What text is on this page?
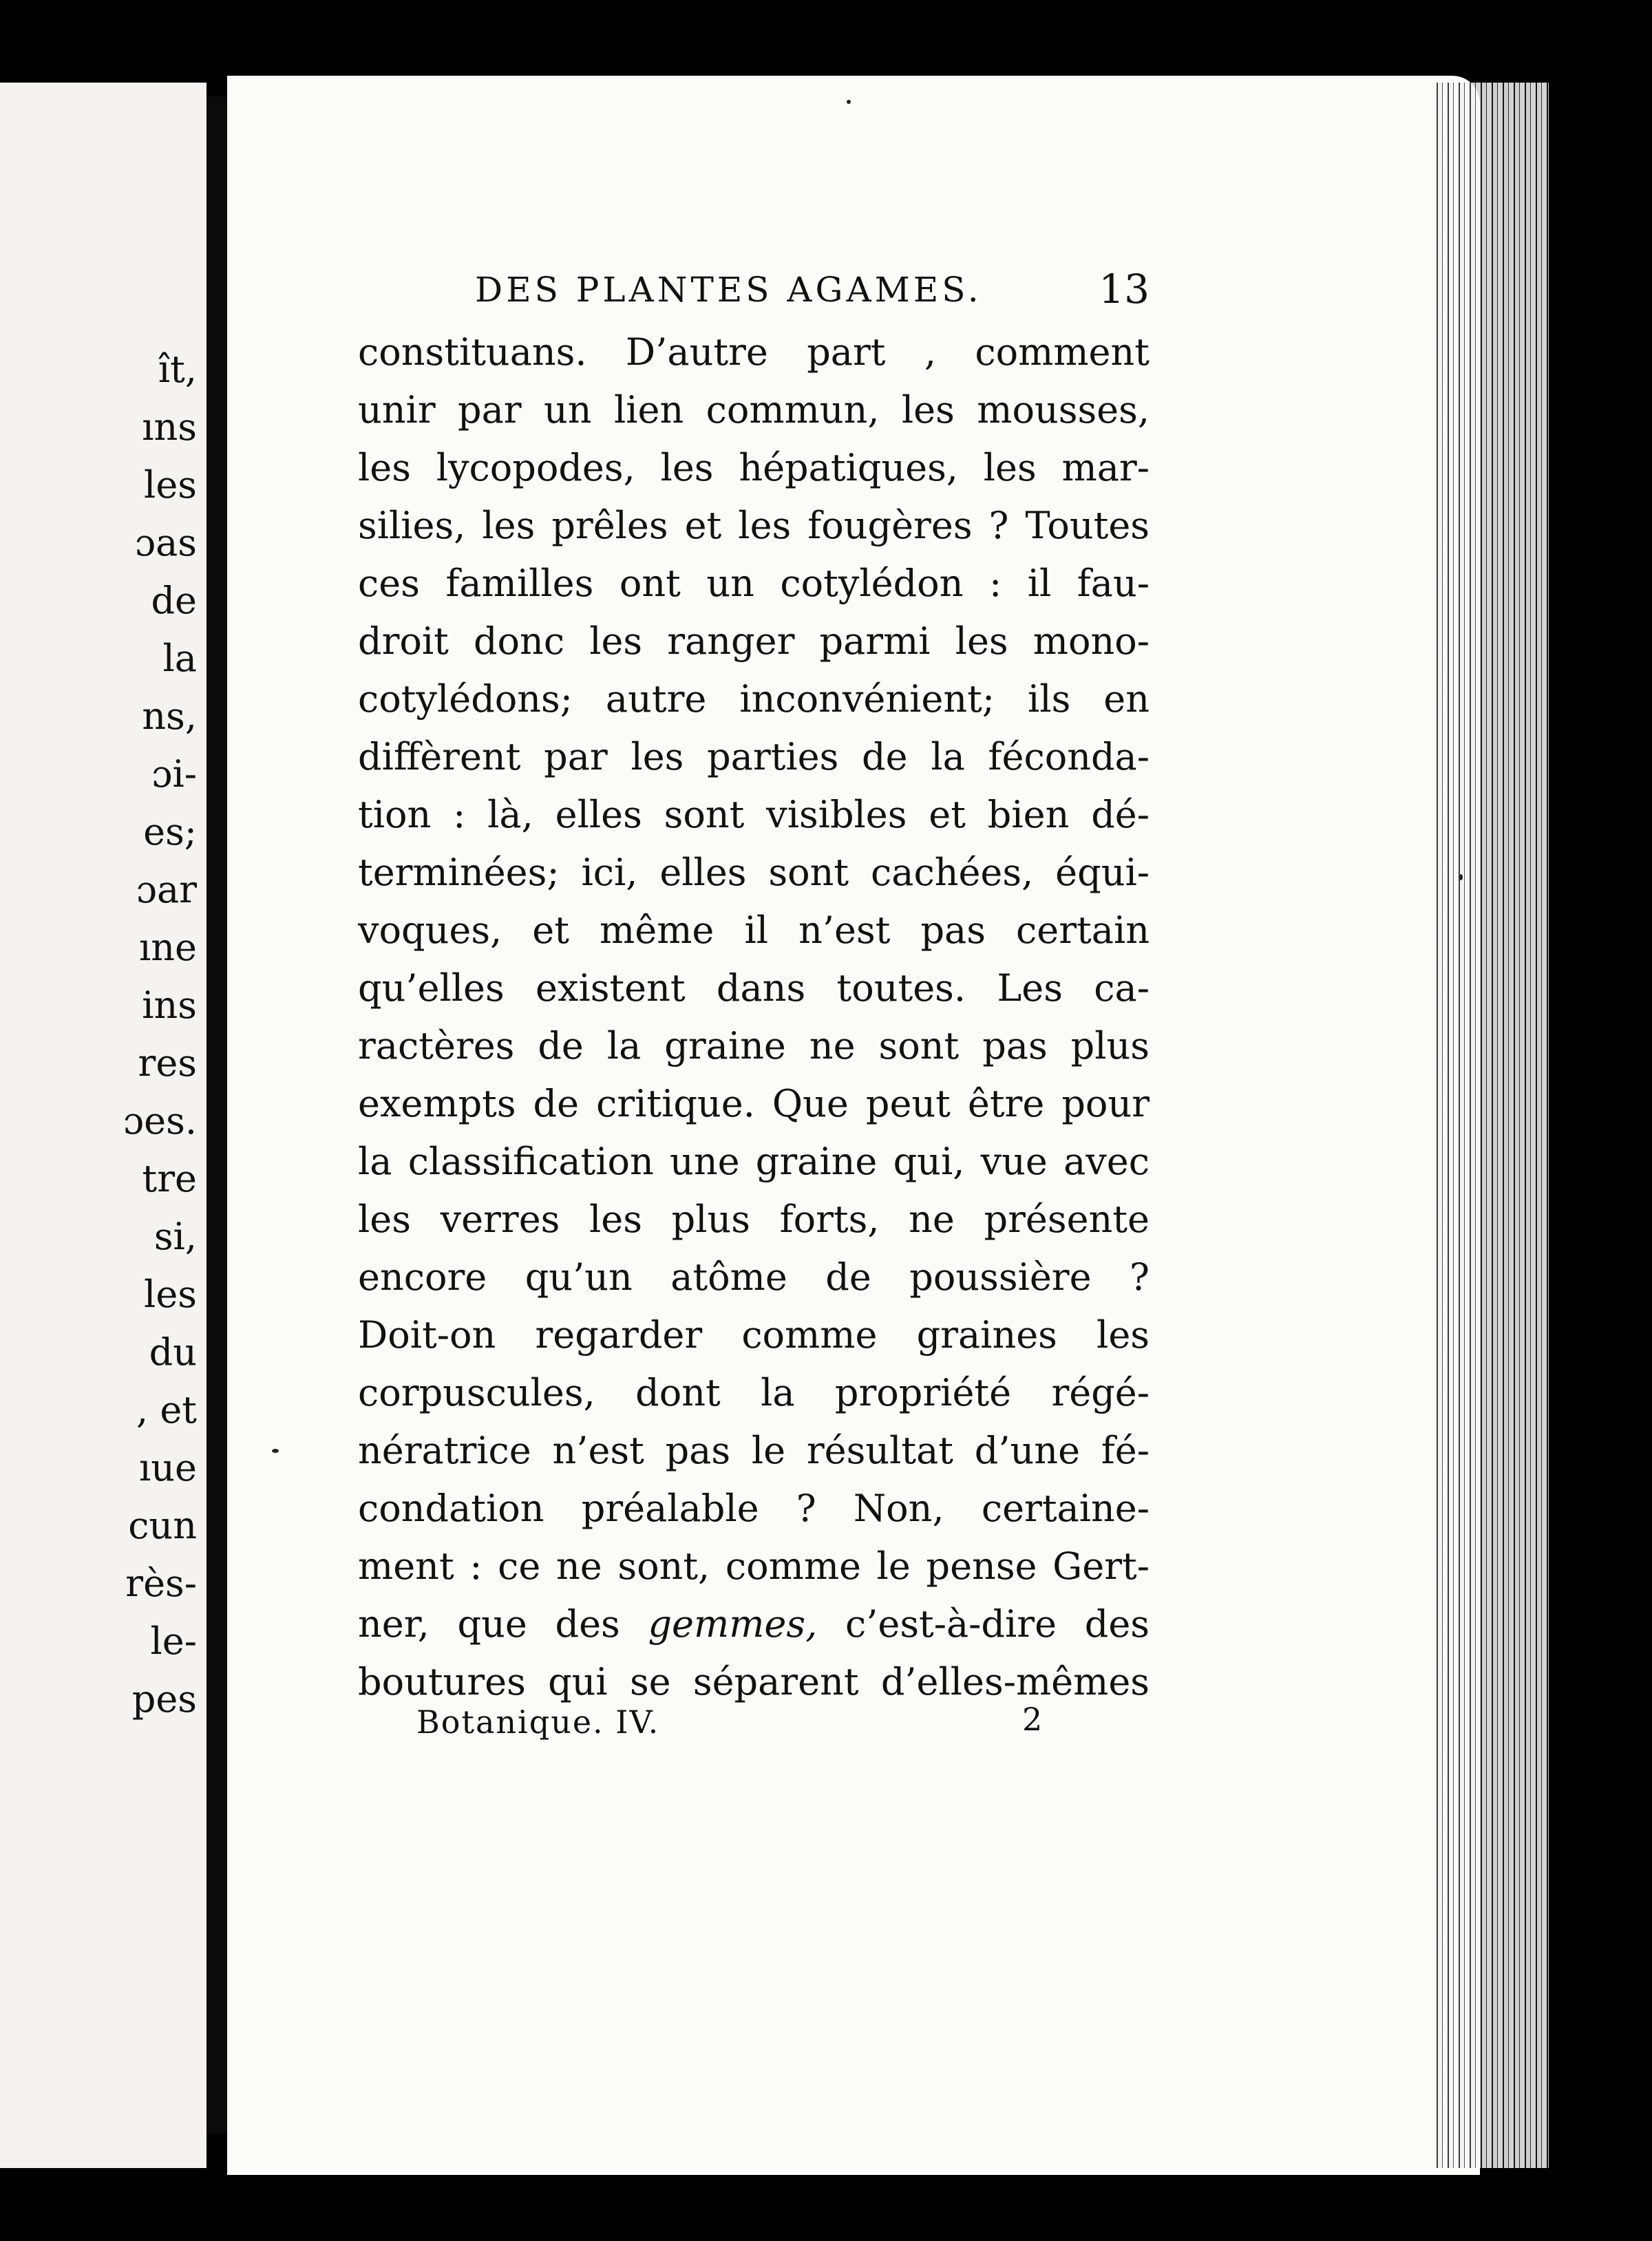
ît,
ıns
les
ɔas
de
la
ns,
ɔi-
es;
ɔar
ıne
ins
res
ɔes.
tre
si,
les
du
, et
ıue
cun
rès-
le-
pes
DES PLANTES AGAMES.	13
constituans. D’autre part , comment
unir par un lien commun, les mousses,
les lycopodes, les hépatiques, les mar-
silies, les prêles et les fougères ? Toutes
ces familles ont un cotylédon : il fau-
droit donc les ranger parmi les mono-
cotylédons; autre inconvénient; ils en
diffèrent par les parties de la féconda-
tion : là, elles sont visibles et bien dé-
terminées; ici, elles sont cachées, équi-
voques, et même il n’est pas certain
qu’elles existent dans toutes. Les ca-
ractères de la graine ne sont pas plus
exempts de critique. Que peut être pour
la classification une graine qui, vue avec
les verres les plus forts, ne présente
encore qu’un atôme de poussière ?
Doit-on regarder comme graines les
corpuscules, dont la propriété régé-
nératrice n’est pas le résultat d’une fé-
condation préalable ? Non, certaine-
ment : ce ne sont, comme le pense Gert-
ner, que des gemmes, c’est-à-dire des
boutures qui se séparent d’elles-mêmes
Botanique. IV.	2
